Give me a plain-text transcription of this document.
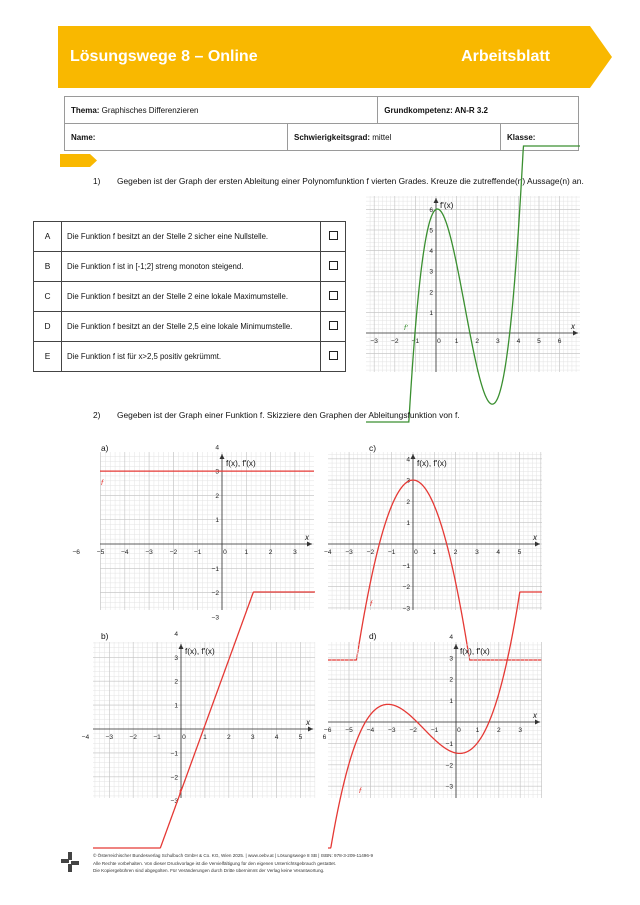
Lösungswege 8 – Online	Arbeitsblatt
Thema: Graphisches Differenzieren		Grundkompetenz: AN-R 3.2	
Name:	Schwierigkeitsgrad: mittel		Klasse:
1) Gegeben ist der Graph der ersten Ableitung einer Polynomfunktion f vierten Grades. Kreuze die zutreffende(n) Aussage(n) an.
A	Die Funktion f besitzt an der Stelle 2 sicher eine Nullstelle.	
B	Die Funktion f ist in [-1;2] streng monoton steigend.	
C	Die Funktion f besitzt an der Stelle 2 eine lokale Maximumstelle.	
D	Die Funktion f besitzt an der Stelle 2,5 eine lokale Minimumstelle.	
E	Die Funktion f ist für x>2,5 positiv gekrümmt.	
−3 −2 −1	0 1	2	3	4	5	6
6
5
4
3
2
1
f'(x)
x
f'
2) Gegeben ist der Graph einer Funktion f. Skizziere den Graphen der Ableitungsfunktion von f.
a)	c)
b)	d)
−6	−5	−4	−3	−2	−1	0	1	2	3
4
3
2
1
−1
−2
−3
f(x), f'(x)
x
f
−4 −3 −2 −1	0 1	2	3	4	5
4
3
2
1
−1
−2
−3
f(x), f'(x)
x
f
−4 −3 −2 −1	0	1	2	3	4	5	6
4
3
2
1
−1
−2
−3
f(x), f'(x)
x
f
−6 −5 −4 −3 −2 −1	0 1	2	3
4
3
2
1
−1
−2
−3
f(x), f'(x)
x
f
© Österreichischer Bundesverlag Schulbuch GmbH & Co. KG, Wien 2025. | www.oebv.at | Lösungswege 8 SB | ISBN: 978-3-209-11496-9
Alle Rechte vorbehalten. Von dieser Druckvorlage ist die Vervielfältigung für den eigenen Unterrichtsgebrauch gestattet.
Die Kopiergebühren sind abgegolten. Für Veränderungen durch Dritte übernimmt der Verlag keine Verantwortung.
